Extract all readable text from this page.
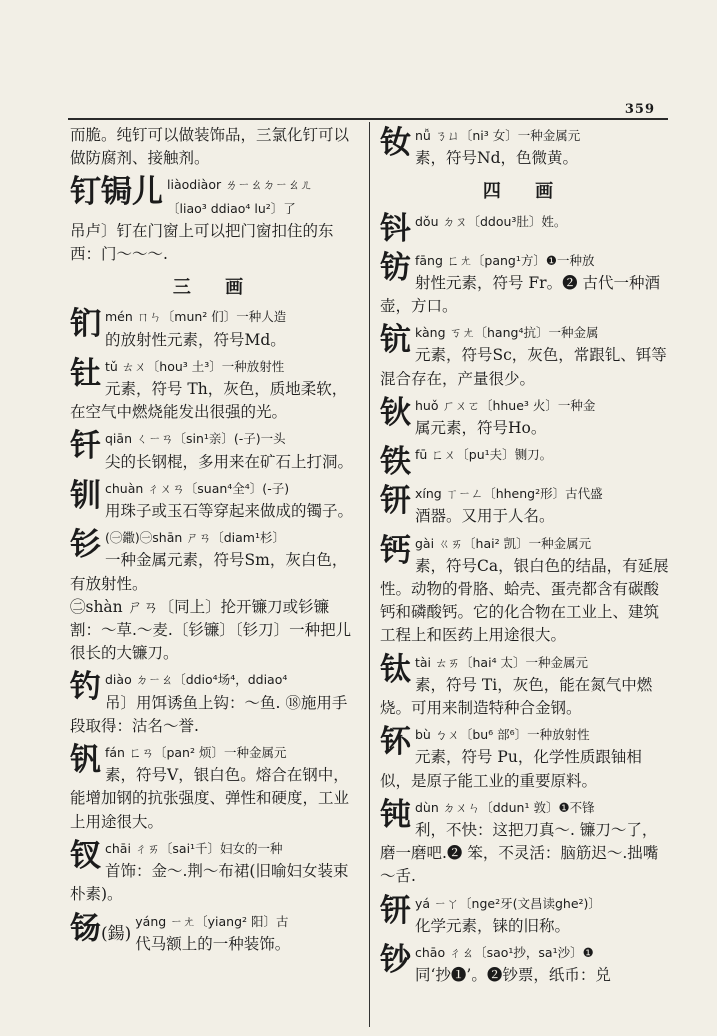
359

而脆。纯钉可以做装饰品，三氯化钉可以做防腐剂、接触剂。

钉锔儿 liàodiàor ㄌㄧㄠㄉㄧㄠㄦ

〔liao³ ddiao⁴ lu²〕了

吊卢〕钉在门窗上可以把门窗扣住的东西：门～～～.

三 画
钔 mén ㄇㄣ〔mun² 们〕一种人造

的放射性元素，符号Md。

钍 tǔ ㄊㄨ〔hou³ 土³〕一种放射性

元素，符号 Th，灰色，质地柔软，在空气中燃烧能发出很强的光。

钎 qiān ㄑㄧㄢ〔sin¹亲〕(-子)一头

尖的长钢棍，多用来在矿石上打洞。

钏 chuàn ㄔㄨㄢ〔suan⁴全⁴〕(-子)

用珠子或玉石等穿起来做成的镯子。

钐 (㊀鏾)㊀shān ㄕㄢ〔diam¹杉〕

一种金属元素，符号Sm，灰白色，有放射性。

㊁shàn ㄕㄢ〔同上〕抡开镰刀或钐镰割：～草.～麦.〔钐镰〕〔钐刀〕一种把儿很长的大镰刀。

钓 diào ㄉㄧㄠ〔ddio⁴场⁴，ddiao⁴

吊〕用饵诱鱼上钩：～鱼. ⑱施用手段取得：沽名～誉.

钒 fán ㄈㄢ〔pan² 烦〕一种金属元

素，符号V，银白色。熔合在钢中，能增加钢的抗张强度、弹性和硬度，工业上用途很大。

钗 chāi ㄔㄞ〔sai¹千〕妇女的一种

首饰：金～.荆～布裙(旧喻妇女装束朴素)。

钖(鍚)

yáng ㄧㄤ〔yiang² 阳〕古

代马额上的一种装饰。

钕 nǚ ㄋㄩ〔ni³ 女〕一种金属元

素，符号Nd，色微黄。

四 画
钭 dǒu ㄉㄡ〔ddou³肚〕姓。

钫 fāng ㄈㄤ〔pang¹方〕❶一种放

射性元素，符号 Fr。❷ 古代一种酒壶，方口。

钪 kàng ㄎㄤ〔hang⁴抗〕一种金属

元素，符号Sc，灰色，常跟钆、铒等混合存在，产量很少。

钬 huǒ ㄏㄨㄛ〔hhue³ 火〕一种金

属元素，符号Ho。

铁 fū ㄈㄨ〔pu¹夫〕铡刀。

钘 xíng ㄒㄧㄥ〔hheng²形〕古代盛

酒器。又用于人名。

钙 gài ㄍㄞ〔hai² 凯〕一种金属元

素，符号Ca，银白色的结晶，有延展性。动物的骨胳、蛤壳、蛋壳都含有碳酸钙和磷酸钙。它的化合物在工业上、建筑工程上和医药上用途很大。

钛 tài ㄊㄞ〔hai⁴ 太〕一种金属元

素，符号 Ti，灰色，能在氮气中燃烧。可用来制造特种合金钢。

钚 bù ㄅㄨ〔bu⁶ 部⁶〕一种放射性

元素，符号 Pu，化学性质跟铀相似，是原子能工业的重要原料。

钝 dùn ㄉㄨㄣ〔ddun¹ 敦〕❶不锋

利，不快：这把刀真～. 镰刀～了，磨一磨吧.❷ 笨，不灵活：脑筋迟～.拙嘴～舌.

钘 yá ㄧㄚ〔nge²牙(文昌读ghe²)〕

化学元素，铼的旧称。

钞 chāo ㄔㄠ〔sao¹抄，sa¹沙〕❶

同‘抄❶’。❷钞票，纸币：兑
